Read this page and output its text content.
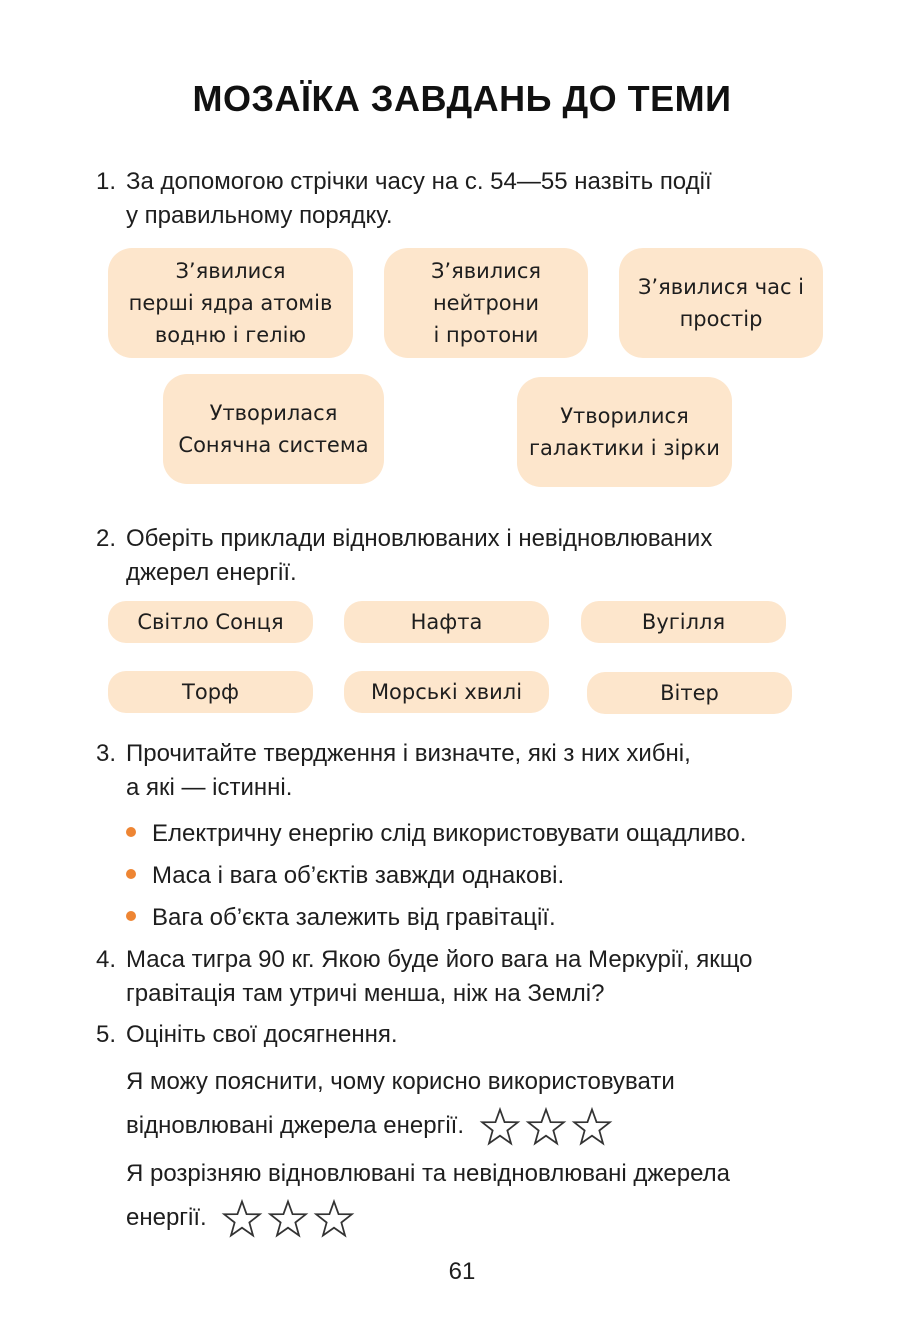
МОЗАЇКА ЗАВДАНЬ ДО ТЕМИ
1. За допомогою стрічки часу на с. 54—55 назвіть події
у правильному порядку.
З’явилися
перші ядра атомів
водню і гелію
З’явилися
нейтрони
і протони
З’явилися час і
простір
Утворилася
Сонячна система
Утворилися
галактики і зірки
2. Оберіть приклади відновлюваних і невідновлюваних
джерел енергії.
Світло Сонця	Нафта	Вугілля
Торф	Морські хвилі	Вітер
3. Прочитайте твердження і визначте, які з них хибні,
а які — істинні.
Електричну енергію слід використовувати ощадливо.
Маса і вага об’єктів завжди однакові.
Вага об’єкта залежить від гравітації.
4. Маса тигра 90 кг. Якою буде його вага на Меркурії, якщо
гравітація там утричі менша, ніж на Землі?
5. Оцініть свої досягнення.
Я можу пояснити, чому корисно використовувати
відновлювані джерела енергії.
Я розрізняю відновлювані та невідновлювані джерела
енергії.
61
